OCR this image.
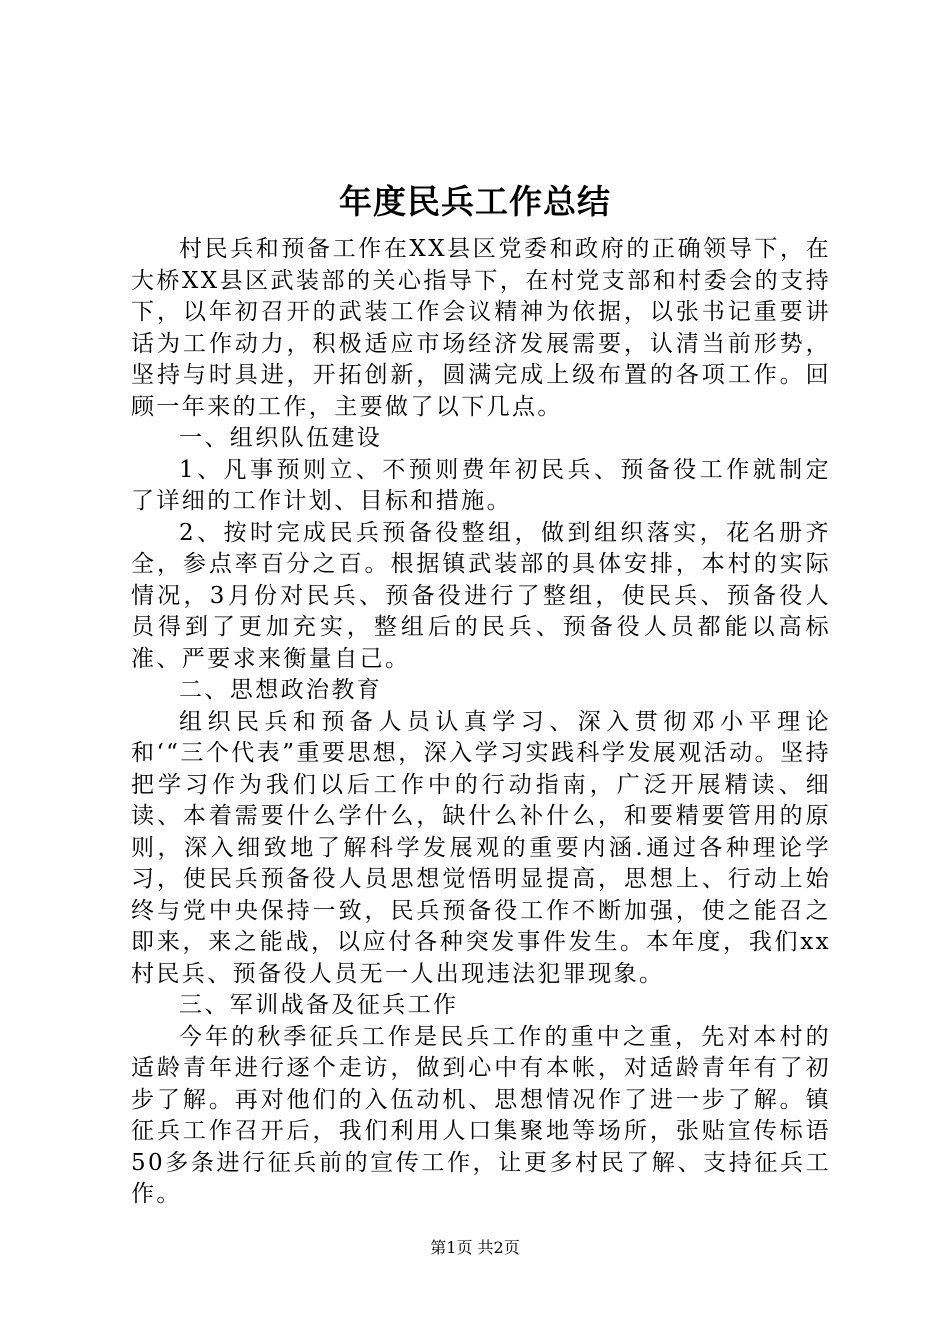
年度民兵工作总结

村民兵和预备工作在XX县区党委和政府的正确领导下，在大桥XX县区武装部的关心指导下，在村党支部和村委会的支持下，以年初召开的武装工作会议精神为依据，以张书记重要讲话为工作动力，积极适应市场经济发展需要，认清当前形势，坚持与时具进，开拓创新，圆满完成上级布置的各项工作。回顾一年来的工作，主要做了以下几点。

一、组织队伍建设

1、凡事预则立、不预则费年初民兵、预备役工作就制定了详细的工作计划、目标和措施。

2、按时完成民兵预备役整组，做到组织落实，花名册齐全，参点率百分之百。根据镇武装部的具体安排，本村的实际情况，3月份对民兵、预备役进行了整组，使民兵、预备役人员得到了更加充实，整组后的民兵、预备役人员都能以高标准、严要求来衡量自己。

二、思想政治教育

组织民兵和预备人员认真学习、深入贯彻邓小平理论和‘“三个代表”重要思想，深入学习实践科学发展观活动。坚持把学习作为我们以后工作中的行动指南，广泛开展精读、细读、本着需要什么学什么，缺什么补什么，和要精要管用的原则，深入细致地了解科学发展观的重要内涵.通过各种理论学习，使民兵预备役人员思想觉悟明显提高，思想上、行动上始终与党中央保持一致，民兵预备役工作不断加强，使之能召之即来，来之能战，以应付各种突发事件发生。本年度，我们xx村民兵、预备役人员无一人出现违法犯罪现象。

三、军训战备及征兵工作

今年的秋季征兵工作是民兵工作的重中之重，先对本村的适龄青年进行逐个走访，做到心中有本帐，对适龄青年有了初步了解。再对他们的入伍动机、思想情况作了进一步了解。镇征兵工作召开后，我们利用人口集聚地等场所，张贴宣传标语50多条进行征兵前的宣传工作，让更多村民了解、支持征兵工作。

第1页 共2页
